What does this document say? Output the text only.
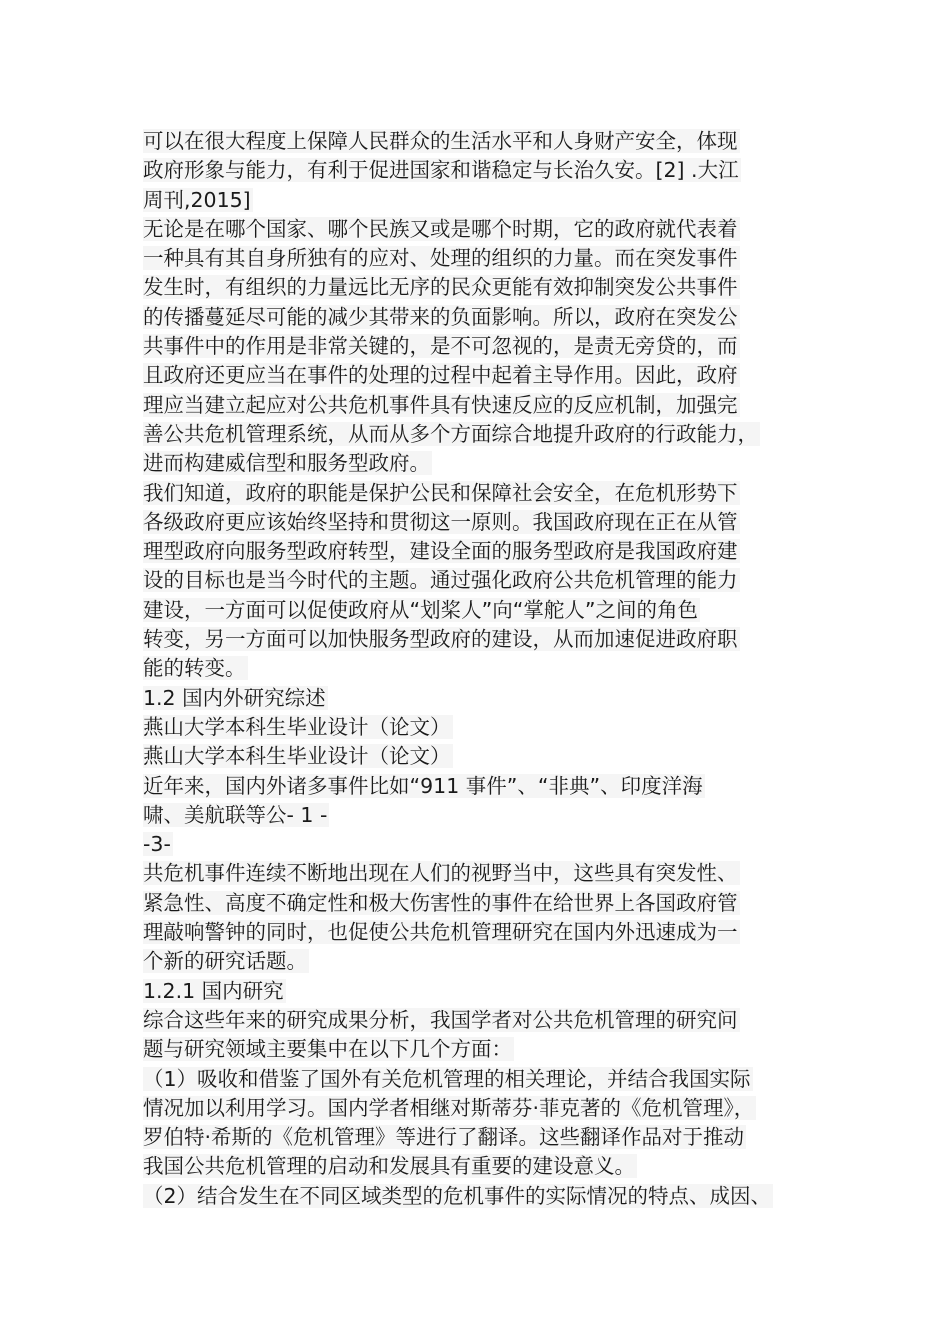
可以在很大程度上保障人民群众的生活水平和人身财产安全，体现
政府形象与能力，有利于促进国家和谐稳定与长治久安。[2] .大江
周刊,2015]
无论是在哪个国家、哪个民族又或是哪个时期，它的政府就代表着
一种具有其自身所独有的应对、处理的组织的力量。而在突发事件
发生时，有组织的力量远比无序的民众更能有效抑制突发公共事件
的传播蔓延尽可能的减少其带来的负面影响。所以，政府在突发公
共事件中的作用是非常关键的，是不可忽视的，是责无旁贷的，而
且政府还更应当在事件的处理的过程中起着主导作用。因此，政府
理应当建立起应对公共危机事件具有快速反应的反应机制，加强完
善公共危机管理系统，从而从多个方面综合地提升政府的行政能力，
进而构建威信型和服务型政府。
我们知道，政府的职能是保护公民和保障社会安全，在危机形势下
各级政府更应该始终坚持和贯彻这一原则。我国政府现在正在从管
理型政府向服务型政府转型，建设全面的服务型政府是我国政府建
设的目标也是当今时代的主题。通过强化政府公共危机管理的能力
建设，一方面可以促使政府从“划桨人”向“掌舵人”之间的角色
转变，另一方面可以加快服务型政府的建设，从而加速促进政府职
能的转变。
1.2 国内外研究综述
燕山大学本科生毕业设计（论文）
燕山大学本科生毕业设计（论文）
近年来，国内外诸多事件比如“911 事件”、“非典”、印度洋海
啸、美航联等公- 1 -
-3-
共危机事件连续不断地出现在人们的视野当中，这些具有突发性、
紧急性、高度不确定性和极大伤害性的事件在给世界上各国政府管
理敲响警钟的同时，也促使公共危机管理研究在国内外迅速成为一
个新的研究话题。
1.2.1 国内研究
综合这些年来的研究成果分析，我国学者对公共危机管理的研究问
题与研究领域主要集中在以下几个方面：
（1）吸收和借鉴了国外有关危机管理的相关理论，并结合我国实际
情况加以利用学习。国内学者相继对斯蒂芬·菲克著的《危机管理》，
罗伯特·希斯的《危机管理》等进行了翻译。这些翻译作品对于推动
我国公共危机管理的启动和发展具有重要的建设意义。
（2）结合发生在不同区域类型的危机事件的实际情况的特点、成因、
